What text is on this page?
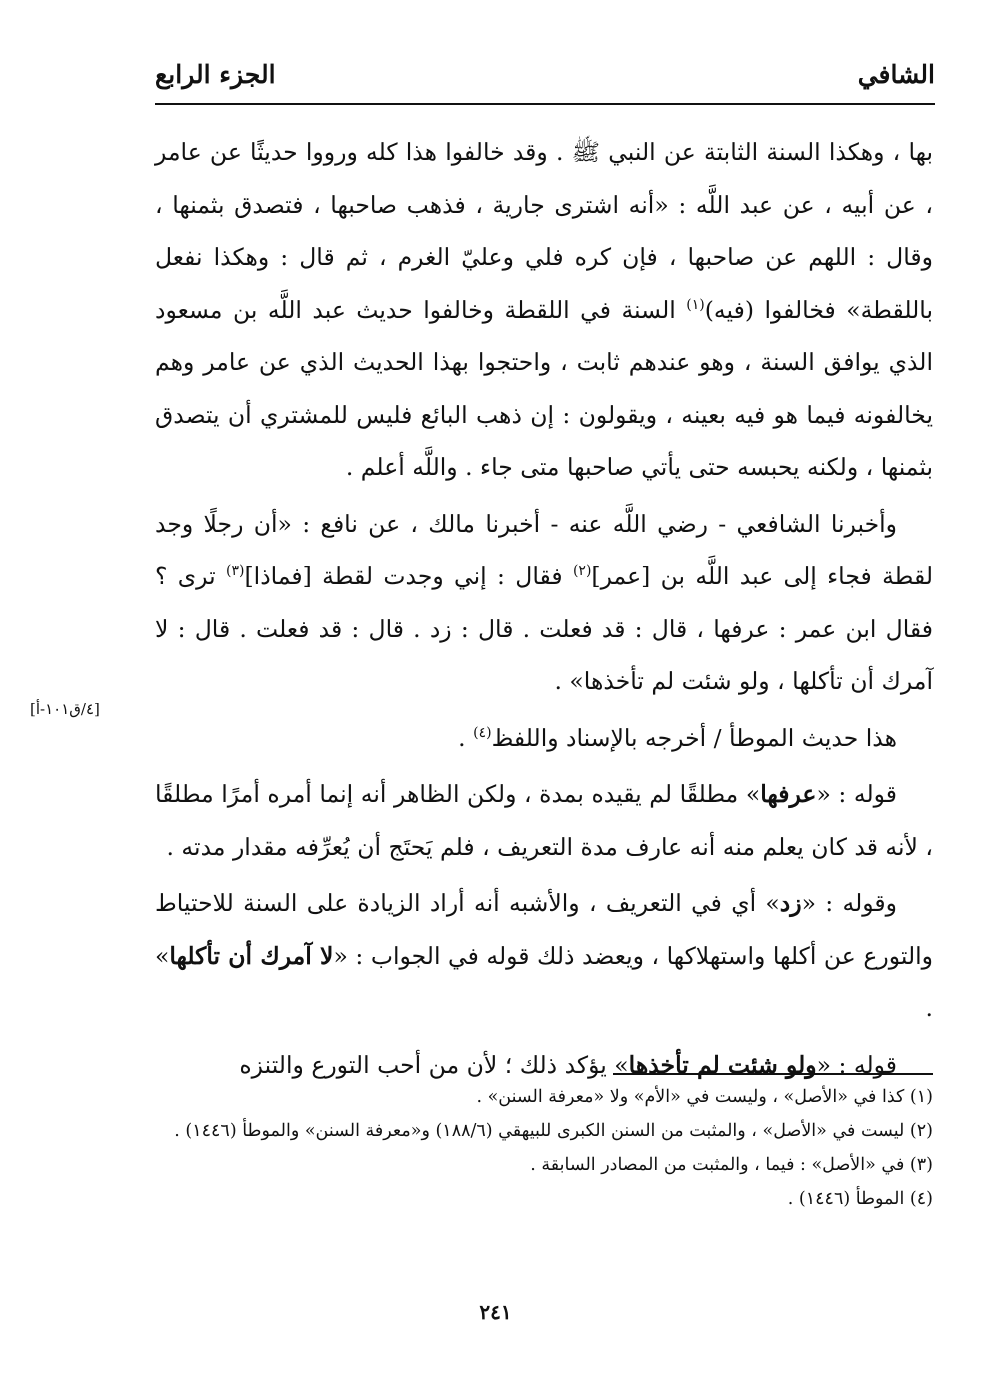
الشافي
الجزء الرابع

بها ، وهكذا السنة الثابتة عن النبي ﷺ . وقد خالفوا هذا كله ورووا حديثًا عن عامر ، عن أبيه ، عن عبد اللَّه : «أنه اشترى جارية ، فذهب صاحبها ، فتصدق بثمنها ، وقال : اللهم عن صاحبها ، فإن كره فلي وعليّ الغرم ، ثم قال : وهكذا نفعل باللقطة» فخالفوا (فيه)$^{(١)}$ السنة في اللقطة وخالفوا حديث عبد اللَّه بن مسعود الذي يوافق السنة ، وهو عندهم ثابت ، واحتجوا بهذا الحديث الذي عن عامر وهم يخالفونه فيما هو فيه بعينه ، ويقولون : إن ذهب البائع فليس للمشتري أن يتصدق بثمنها ، ولكنه يحبسه حتى يأتي صاحبها متى جاء . واللَّه أعلم .

وأخبرنا الشافعي - رضي اللَّه عنه - أخبرنا مالك ، عن نافع : «أن رجلًا وجد لقطة فجاء إلى عبد اللَّه بن [عمر]$^{(٢)}$ فقال : إني وجدت لقطة [فماذا]$^{(٣)}$ ترى ؟ فقال ابن عمر : عرفها ، قال : قد فعلت . قال : زد . قال : قد فعلت . قال : لا آمرك أن تأكلها ، ولو شئت لم تأخذها» .

هذا حديث الموطأ / أخرجه بالإسناد واللفظ$^{(٤)}$ .

قوله : «عرفها» مطلقًا لم يقيده بمدة ، ولكن الظاهر أنه إنما أمره أمرًا مطلقًا ، لأنه قد كان يعلم منه أنه عارف مدة التعريف ، فلم يَحتَج أن يُعرِّفه مقدار مدته .

وقوله : «زد» أي في التعريف ، والأشبه أنه أراد الزيادة على السنة للاحتياط والتورع عن أكلها واستهلاكها ، ويعضد ذلك قوله في الجواب : «لا آمرك أن تأكلها» .

قوله : «ولو شئت لم تأخذها» يؤكد ذلك ؛ لأن من أحب التورع والتنزه

[٤/ق١٠١-أ]

(١) كذا في «الأصل» ، وليست في «الأم» ولا «معرفة السنن» .

(٢) ليست في «الأصل» ، والمثبت من السنن الكبرى للبيهقي (١٨٨/٦) و«معرفة السنن» والموطأ (١٤٤٦) .

(٣) في «الأصل» : فيما ، والمثبت من المصادر السابقة .

(٤) الموطأ (١٤٤٦) .

٢٤١
